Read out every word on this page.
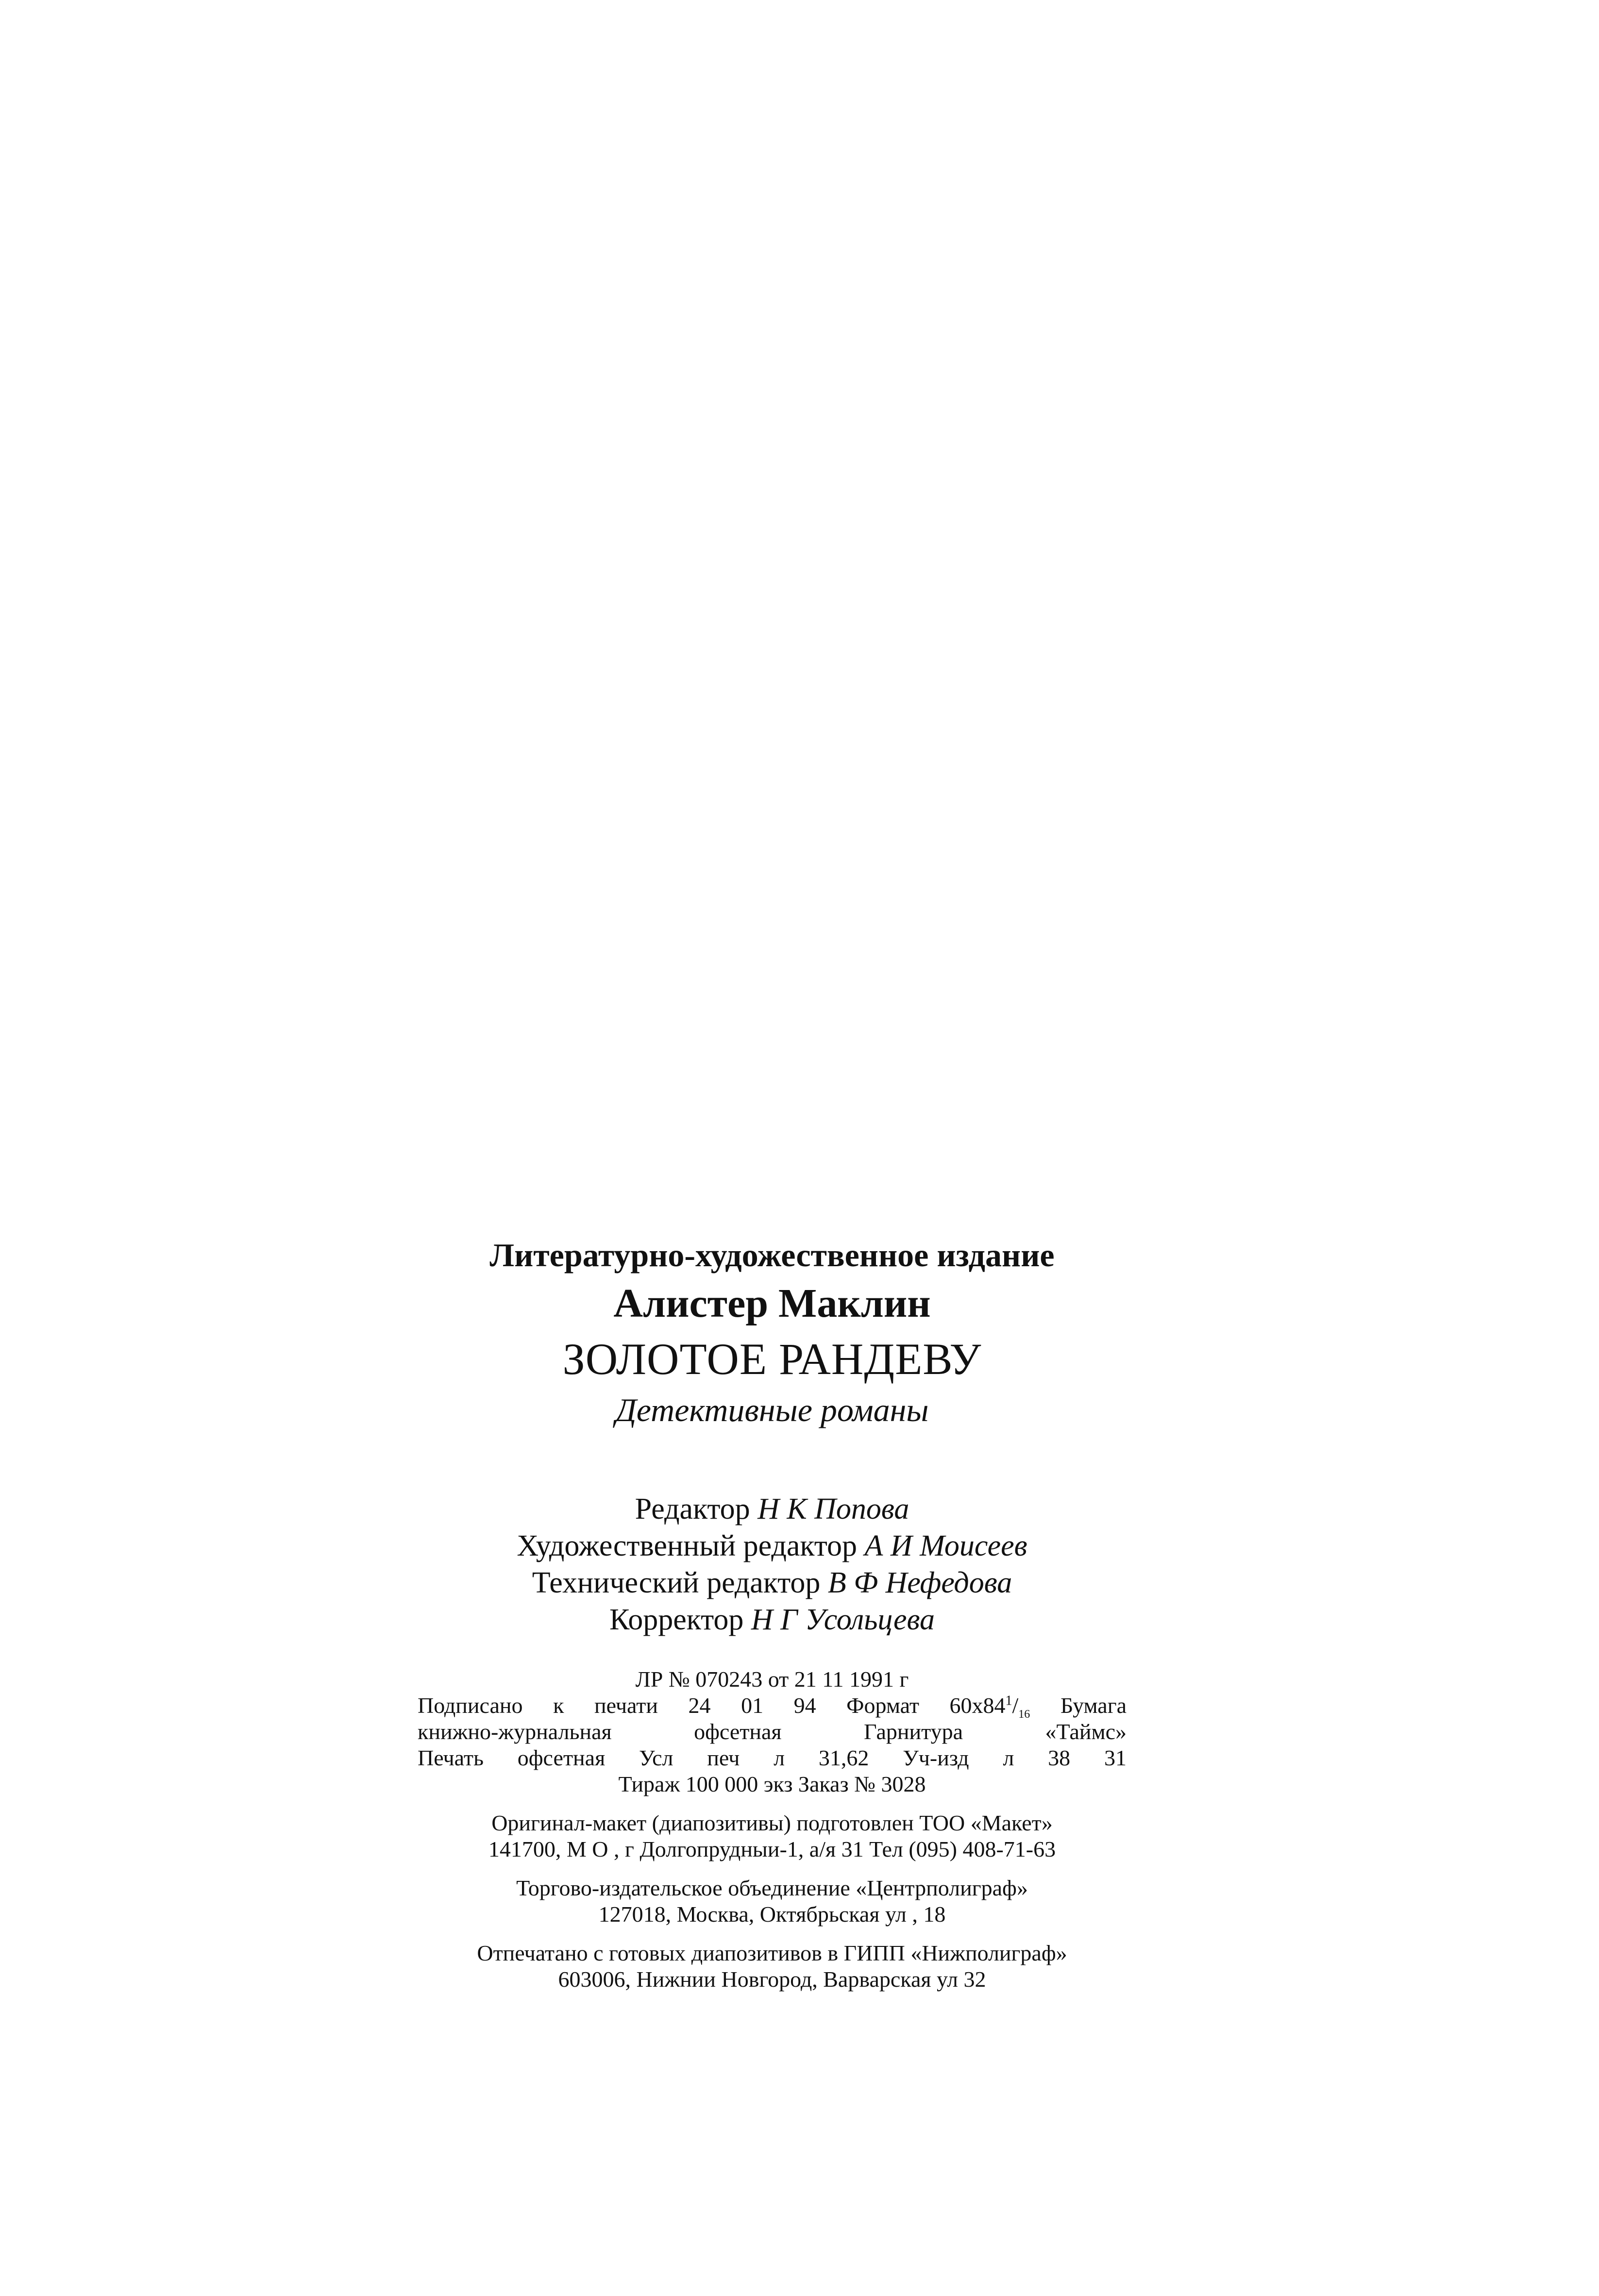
Литературно-художественное издание

Алистер Маклин

ЗОЛОТОЕ РАНДЕВУ

Детективные романы

Редактор Н К Попова

Художественный редактор А И Моисеев

Технический редактор В Ф Нефедова

Корректор Н Г Усольцева

ЛР № 070243 от 21 11 1991 г

Подписано к печати 24 01 94 Формат $60х84^1/_{16}$ Бумага

книжно-журнальная офсетная Гарнитура «Таймс»

Печать офсетная Усл печ л 31,62 Уч-изд л 38 31

Тираж 100 000 экз Заказ № 3028

Оригинал-макет (диапозитивы) подготовлен ТОО «Макет»

141700, М О , г Долгопрудныи-1, а/я 31 Тел (095) 408-71-63

Торгово-издательское объединение «Центрполиграф»

127018, Москва, Октябрьская ул , 18

Отпечатано с готовых диапозитивов в ГИПП «Нижполиграф»

603006, Нижнии Новгород, Варварская ул 32
